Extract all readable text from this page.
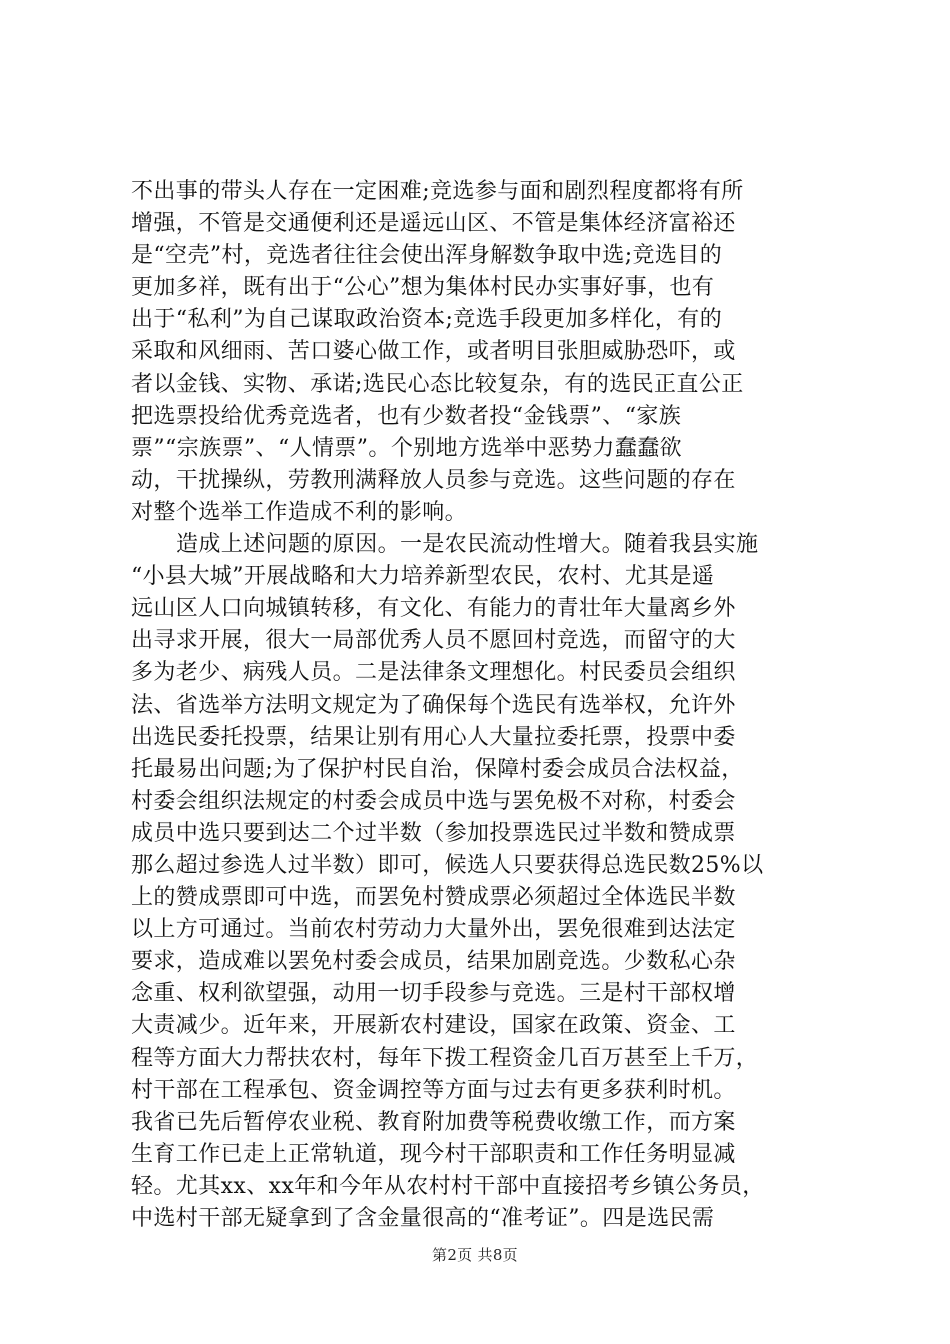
不出事的带头人存在一定困难;竞选参与面和剧烈程度都将有所
增强，不管是交通便利还是遥远山区、不管是集体经济富裕还
是“空壳”村，竞选者往往会使出浑身解数争取中选;竞选目的
更加多祥，既有出于“公心”想为集体村民办实事好事，也有
出于“私利”为自己谋取政治资本;竞选手段更加多样化，有的
采取和风细雨、苦口婆心做工作，或者明目张胆威胁恐吓，或
者以金钱、实物、承诺;选民心态比较复杂，有的选民正直公正
把选票投给优秀竞选者，也有少数者投“金钱票”、“家族
票”“宗族票”、“人情票”。个别地方选举中恶势力蠢蠢欲
动，干扰操纵，劳教刑满释放人员参与竞选。这些问题的存在
对整个选举工作造成不利的影响。
造成上述问题的原因。一是农民流动性增大。随着我县实施
“小县大城”开展战略和大力培养新型农民，农村、尤其是遥
远山区人口向城镇转移，有文化、有能力的青壮年大量离乡外
出寻求开展，很大一局部优秀人员不愿回村竞选，而留守的大
多为老少、病残人员。二是法律条文理想化。村民委员会组织
法、省选举方法明文规定为了确保每个选民有选举权，允许外
出选民委托投票，结果让别有用心人大量拉委托票，投票中委
托最易出问题;为了保护村民自治，保障村委会成员合法权益，
村委会组织法规定的村委会成员中选与罢免极不对称，村委会
成员中选只要到达二个过半数（参加投票选民过半数和赞成票
那么超过参选人过半数）即可，候选人只要获得总选民数25%以
上的赞成票即可中选，而罢免村赞成票必须超过全体选民半数
以上方可通过。当前农村劳动力大量外出，罢免很难到达法定
要求，造成难以罢免村委会成员，结果加剧竞选。少数私心杂
念重、权利欲望强，动用一切手段参与竞选。三是村干部权增
大责减少。近年来，开展新农村建设，国家在政策、资金、工
程等方面大力帮扶农村，每年下拨工程资金几百万甚至上千万，
村干部在工程承包、资金调控等方面与过去有更多获利时机。
我省已先后暂停农业税、教育附加费等税费收缴工作，而方案
生育工作已走上正常轨道，现今村干部职责和工作任务明显减
轻。尤其xx、xx年和今年从农村村干部中直接招考乡镇公务员，
中选村干部无疑拿到了含金量很高的“准考证”。四是选民需
第2页 共8页
